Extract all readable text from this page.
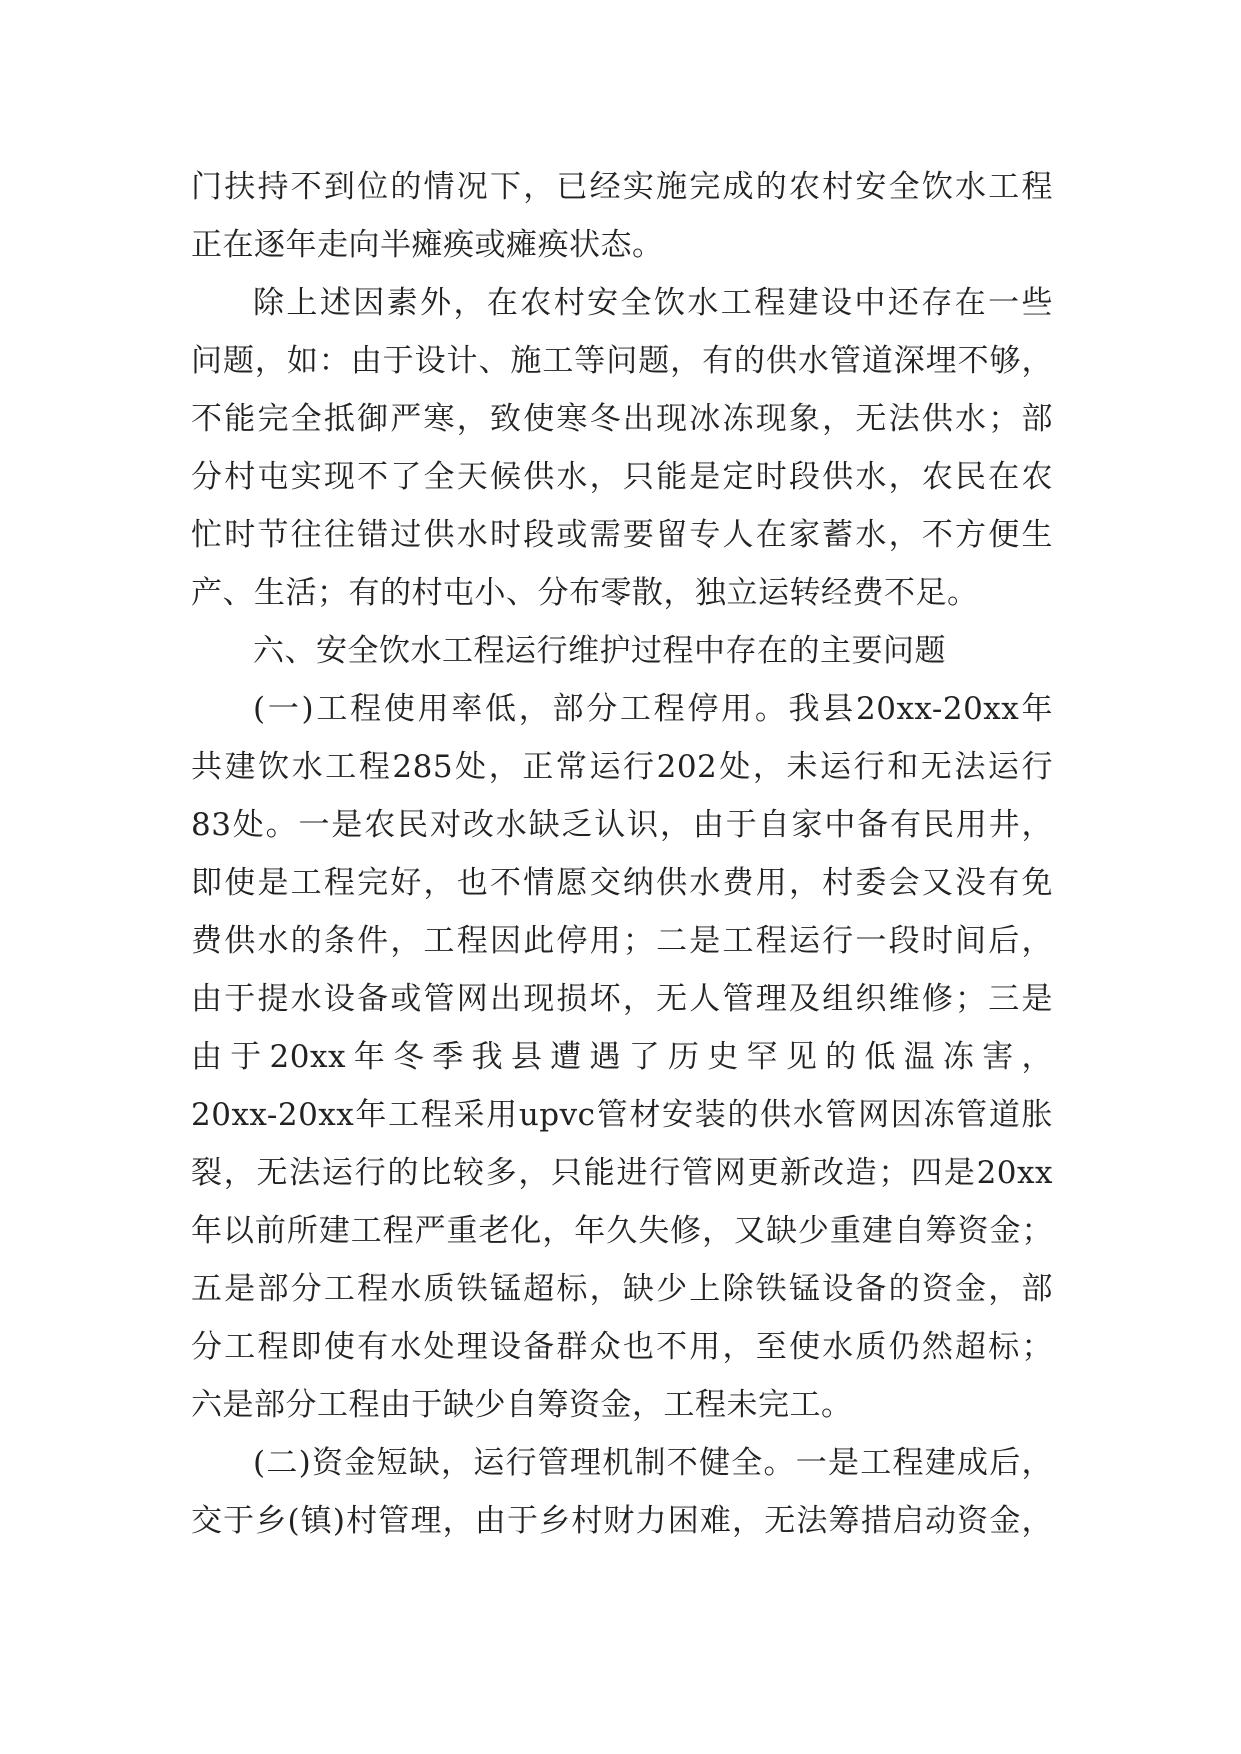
门扶持不到位的情况下，已经实施完成的农村安全饮水工程
正在逐年走向半瘫痪或瘫痪状态。
除上述因素外，在农村安全饮水工程建设中还存在一些
问题，如：由于设计、施工等问题，有的供水管道深埋不够，
不能完全抵御严寒，致使寒冬出现冰冻现象，无法供水；部
分村屯实现不了全天候供水，只能是定时段供水，农民在农
忙时节往往错过供水时段或需要留专人在家蓄水，不方便生
产、生活；有的村屯小、分布零散，独立运转经费不足。
六、安全饮水工程运行维护过程中存在的主要问题
(一)工程使用率低，部分工程停用。我县20xx-20xx年
共建饮水工程285处，正常运行202处，未运行和无法运行
83处。一是农民对改水缺乏认识，由于自家中备有民用井，
即使是工程完好，也不情愿交纳供水费用，村委会又没有免
费供水的条件，工程因此停用；二是工程运行一段时间后，
由于提水设备或管网出现损坏，无人管理及组织维修；三是
由于20xx年冬季我县遭遇了历史罕见的低温冻害，
20xx-20xx年工程采用upvc管材安装的供水管网因冻管道胀
裂，无法运行的比较多，只能进行管网更新改造；四是20xx
年以前所建工程严重老化，年久失修，又缺少重建自筹资金；
五是部分工程水质铁锰超标，缺少上除铁锰设备的资金，部
分工程即使有水处理设备群众也不用，至使水质仍然超标；
六是部分工程由于缺少自筹资金，工程未完工。
(二)资金短缺，运行管理机制不健全。一是工程建成后，
交于乡(镇)村管理，由于乡村财力困难，无法筹措启动资金，
